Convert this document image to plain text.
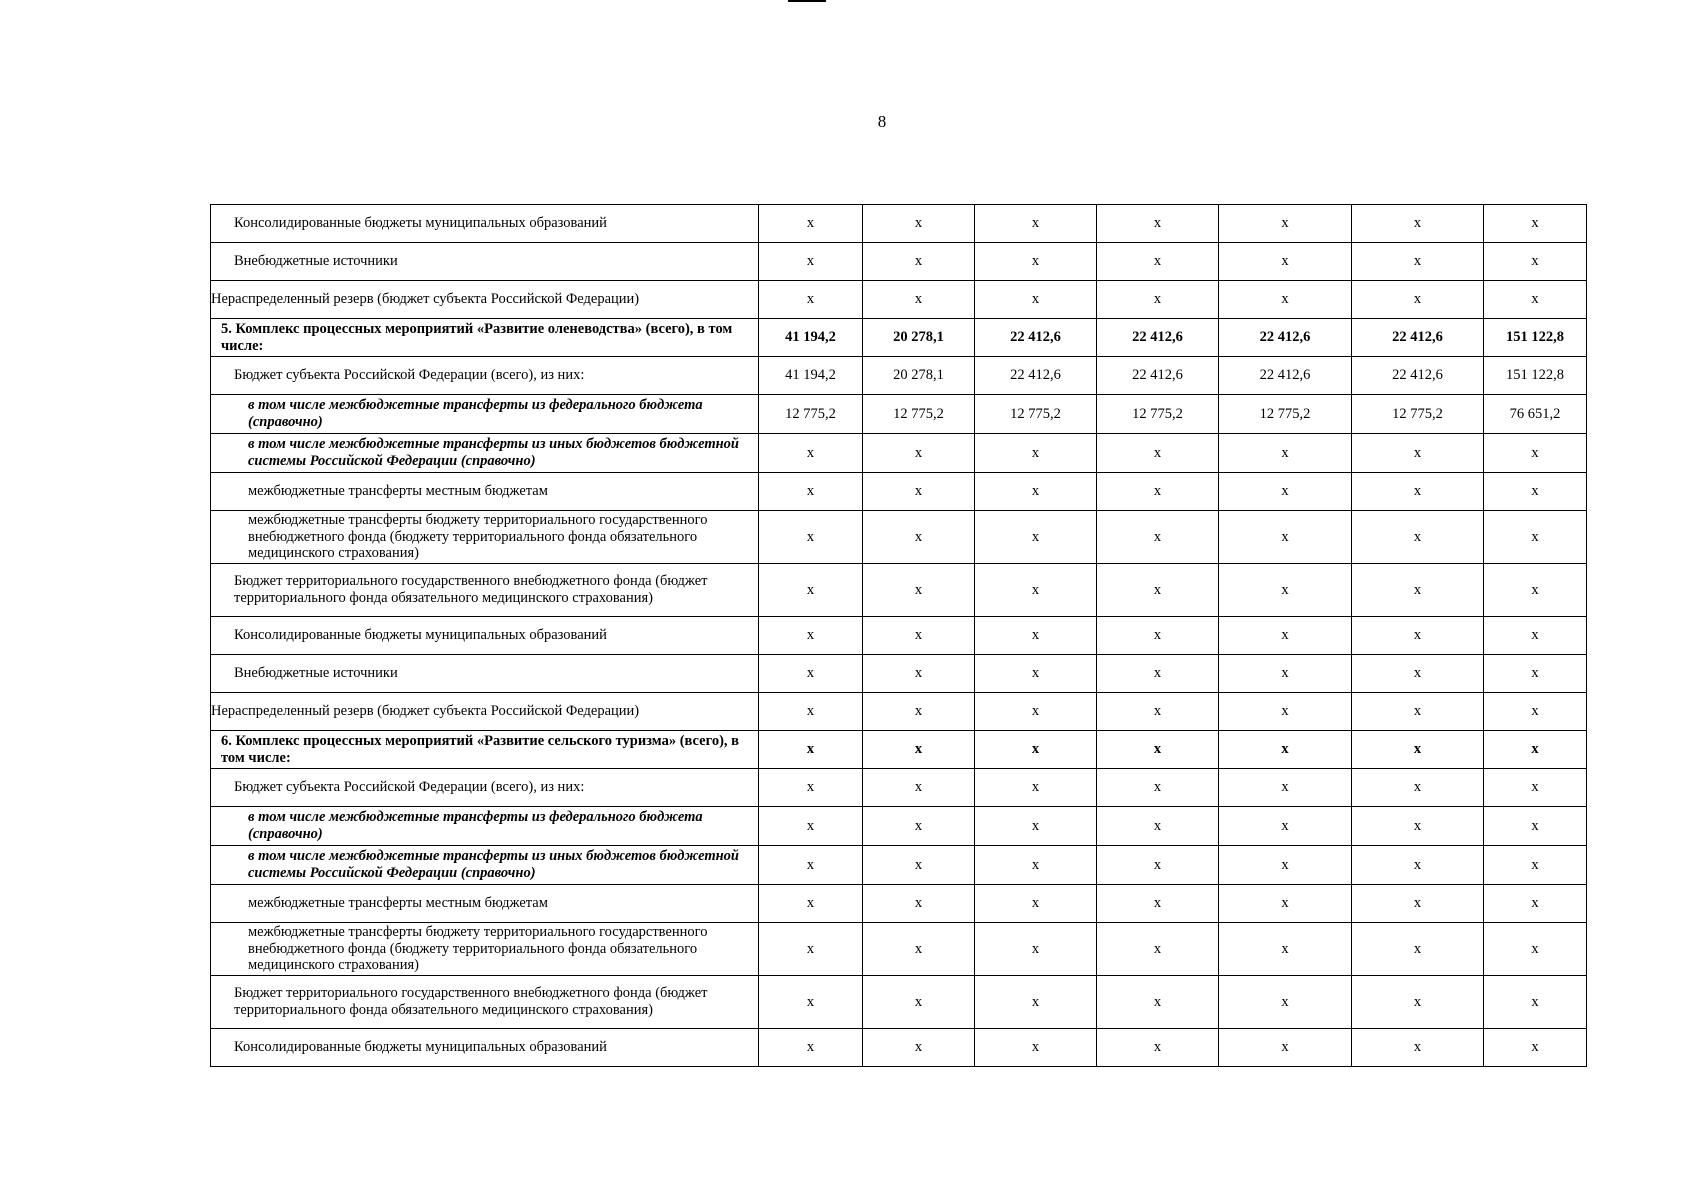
8
Консолидированные бюджеты муниципальных образований	x	x	x	x	x	x	x
Внебюджетные источники	x	x	x	x	x	x	x
Нераспределенный резерв (бюджет субъекта Российской Федерации)	x	x	x	x	x	x	x
5. Комплекс процессных мероприятий «Развитие оленеводства» (всего), в том числе:	41 194,2	20 278,1	22 412,6	22 412,6	22 412,6	22 412,6	151 122,8
Бюджет субъекта Российской Федерации (всего), из них:	41 194,2	20 278,1	22 412,6	22 412,6	22 412,6	22 412,6	151 122,8
в том числе межбюджетные трансферты из федерального бюджета (справочно)	12 775,2	12 775,2	12 775,2	12 775,2	12 775,2	12 775,2	76 651,2
в том числе межбюджетные трансферты из иных бюджетов бюджетной системы Российской Федерации (справочно)	x	x	x	x	x	x	x
межбюджетные трансферты местным бюджетам	x	x	x	x	x	x	x
межбюджетные трансферты бюджету территориального государственного внебюджетного фонда (бюджету территориального фонда обязательного медицинского страхования)	x	x	x	x	x	x	x
Бюджет территориального государственного внебюджетного фонда (бюджет территориального фонда обязательного медицинского страхования)	x	x	x	x	x	x	x
Консолидированные бюджеты муниципальных образований	x	x	x	x	x	x	x
Внебюджетные источники	x	x	x	x	x	x	x
Нераспределенный резерв (бюджет субъекта Российской Федерации)	x	x	x	x	x	x	x
6. Комплекс процессных мероприятий «Развитие сельского туризма» (всего), в том числе:	x	x	x	x	x	x	x
Бюджет субъекта Российской Федерации (всего), из них:	x	x	x	x	x	x	x
в том числе межбюджетные трансферты из федерального бюджета (справочно)	x	x	x	x	x	x	x
в том числе межбюджетные трансферты из иных бюджетов бюджетной системы Российской Федерации (справочно)	x	x	x	x	x	x	x
межбюджетные трансферты местным бюджетам	x	x	x	x	x	x	x
межбюджетные трансферты бюджету территориального государственного внебюджетного фонда (бюджету территориального фонда обязательного медицинского страхования)	x	x	x	x	x	x	x
Бюджет территориального государственного внебюджетного фонда (бюджет территориального фонда обязательного медицинского страхования)	x	x	x	x	x	x	x
Консолидированные бюджеты муниципальных образований	x	x	x	x	x	x	x
